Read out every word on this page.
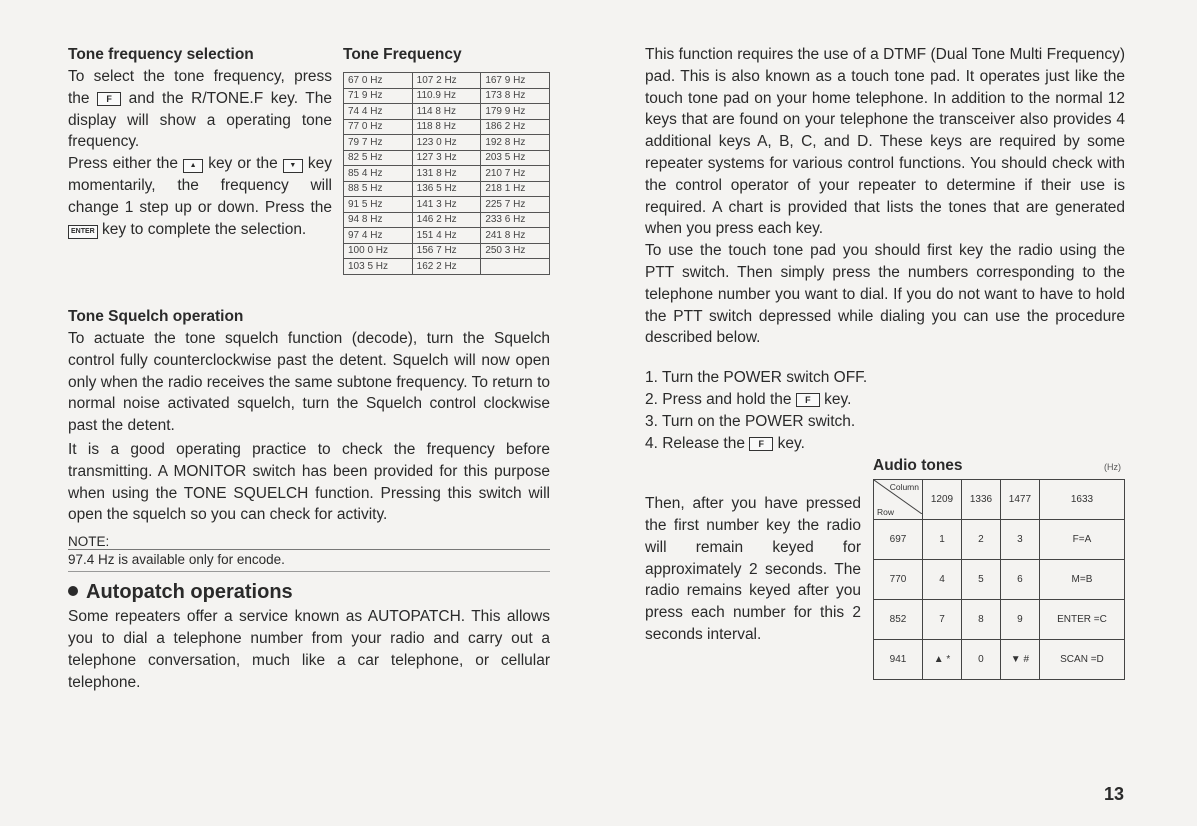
Tone frequency selection
To select the tone frequency, press the F and the R/TONE.F key. The display will show a operating tone frequency.
Press either the ▲ key or the ▼ key momentarily, the frequency will change 1 step up or down. Press the ENTER key to complete the selection.
Tone Frequency
67 0 Hz	107 2 Hz	167 9 Hz
71 9 Hz	110.9 Hz	173 8 Hz
74 4 Hz	114 8 Hz	179 9 Hz
77 0 Hz	118 8 Hz	186 2 Hz
79 7 Hz	123 0 Hz	192 8 Hz
82 5 Hz	127 3 Hz	203 5 Hz
85 4 Hz	131 8 Hz	210 7 Hz
88 5 Hz	136 5 Hz	218 1 Hz
91 5 Hz	141 3 Hz	225 7 Hz
94 8 Hz	146 2 Hz	233 6 Hz
97 4 Hz	151 4 Hz	241 8 Hz
100 0 Hz	156 7 Hz	250 3 Hz
103 5 Hz	162 2 Hz	
Tone Squelch operation
To actuate the tone squelch function (decode), turn the Squelch control fully counterclockwise past the detent. Squelch will now open only when the radio receives the same subtone frequency. To return to normal noise activated squelch, turn the Squelch control clockwise past the detent.
It is a good operating practice to check the frequency before transmitting. A MONITOR switch has been provided for this purpose when using the TONE SQUELCH function. Pressing this switch will open the squelch so you can check for activity.
NOTE:
97.4 Hz is available only for encode.
Autopatch operations
Some repeaters offer a service known as AUTOPATCH. This allows you to dial a telephone number from your radio and carry out a telephone conversation, much like a car telephone, or cellular telephone.
This function requires the use of a DTMF (Dual Tone Multi Frequency) pad. This is also known as a touch tone pad. It operates just like the touch tone pad on your home telephone. In addition to the normal 12 keys that are found on your telephone the transceiver also provides 4 additional keys A, B, C, and D. These keys are required by some repeater systems for various control functions. You should check with the control operator of your repeater to determine if their use is required. A chart is provided that lists the tones that are generated when you press each key.
To use the touch tone pad you should first key the radio using the PTT switch. Then simply press the numbers corresponding to the telephone number you want to dial. If you do not want to have to hold the PTT switch depressed while dialing you can use the procedure described below.
1. Turn the POWER switch OFF.
2. Press and hold the F key.
3. Turn on the POWER switch.
4. Release the F key.
Then, after you have pressed the first number key the radio will remain keyed for approximately 2 seconds. The radio remains keyed after you press each number for this 2 seconds interval.
Audio tones	(Hz)
Column
Row	1209	1336	1477	1633
697	1	2	3	F=A
770	4	5	6	M=B
852	7	8	9	ENTER =C
941	▲ *	0	▼ #	SCAN =D
13
